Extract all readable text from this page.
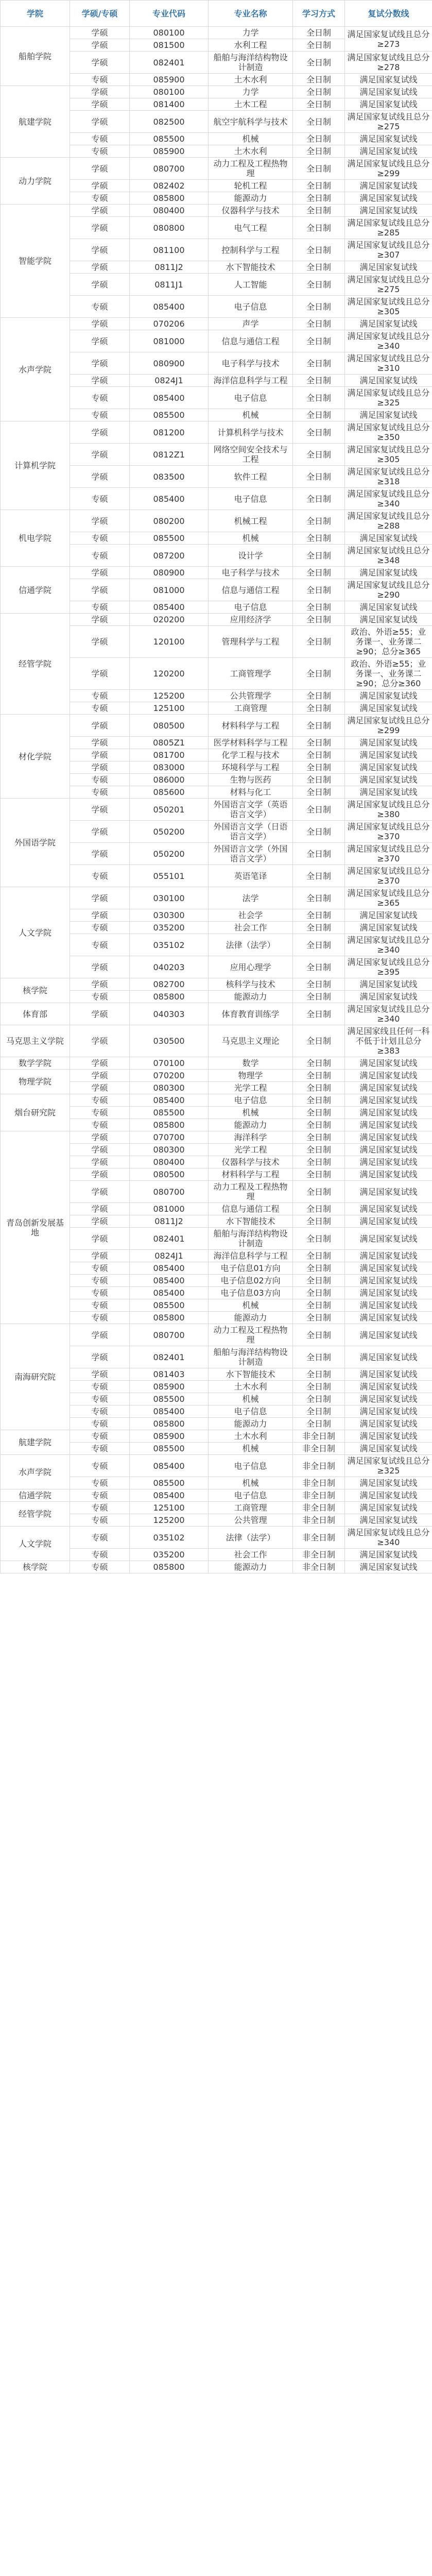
学院	学硕/专硕	专业代码	专业名称	学习方式	复试分数线
船舶学院	学硕	080100	力学	全日制	满足国家复试线且总分≥273
	学硕	081500	水利工程	全日制	
	学硕	082401	船舶与海洋结构物设计制造	全日制	满足国家复试线且总分≥278
	专硕	085900	土木水利	全日制	满足国家复试线
航建学院	学硕	080100	力学	全日制	满足国家复试线
	学硕	081400	土木工程	全日制	满足国家复试线
	学硕	082500	航空宇航科学与技术	全日制	满足国家复试线且总分≥275
	专硕	085500	机械	全日制	满足国家复试线
	专硕	085900	土木水利	全日制	满足国家复试线
动力学院	学硕	080700	动力工程及工程热物理	全日制	满足国家复试线且总分≥299
	学硕	082402	轮机工程	全日制	满足国家复试线
	专硕	085800	能源动力	全日制	满足国家复试线
智能学院	学硕	080400	仪器科学与技术	全日制	满足国家复试线
	学硕	080800	电气工程	全日制	满足国家复试线且总分≥285
	学硕	081100	控制科学与工程	全日制	满足国家复试线且总分≥307
	学硕	0811J2	水下智能技术	全日制	满足国家复试线
	学硕	0811J1	人工智能	全日制	满足国家复试线且总分≥275
	专硕	085400	电子信息	全日制	满足国家复试线且总分≥305
水声学院	学硕	070206	声学	全日制	满足国家复试线
	学硕	081000	信息与通信工程	全日制	满足国家复试线且总分≥340
	学硕	080900	电子科学与技术	全日制	满足国家复试线且总分≥310
	学硕	0824J1	海洋信息科学与工程	全日制	满足国家复试线
	专硕	085400	电子信息	全日制	满足国家复试线且总分≥325
	专硕	085500	机械	全日制	满足国家复试线
计算机学院	学硕	081200	计算机科学与技术	全日制	满足国家复试线且总分≥350
	学硕	0812Z1	网络空间安全技术与工程	全日制	满足国家复试线且总分≥305
	学硕	083500	软件工程	全日制	满足国家复试线且总分≥318
	专硕	085400	电子信息	全日制	满足国家复试线且总分≥340
机电学院	学硕	080200	机械工程	全日制	满足国家复试线且总分≥288
	专硕	085500	机械	全日制	满足国家复试线
	专硕	087200	设计学	全日制	满足国家复试线且总分≥348
信通学院	学硕	080900	电子科学与技术	全日制	满足国家复试线
	学硕	081000	信息与通信工程	全日制	满足国家复试线且总分≥290
	专硕	085400	电子信息	全日制	满足国家复试线
经管学院	学硕	020200	应用经济学	全日制	满足国家复试线
	学硕	120100	管理科学与工程	全日制	政治、外语≥55；业务课一、业务课二≥90；总分≥365
	学硕	120200	工商管理学	全日制	政治、外语≥55；业务课一、业务课二≥90；总分≥360
	专硕	125200	公共管理学	全日制	满足国家复试线
	专硕	125100	工商管理	全日制	满足国家复试线
材化学院	学硕	080500	材料科学与工程	全日制	满足国家复试线且总分≥299
	学硕	0805Z1	医学材料科学与工程	全日制	满足国家复试线
	学硕	081700	化学工程与技术	全日制	满足国家复试线
	学硕	083000	环境科学与工程	全日制	满足国家复试线
	专硕	086000	生物与医药	全日制	满足国家复试线
	专硕	085600	材料与化工	全日制	满足国家复试线
外国语学院	学硕	050201	外国语言文学（英语语言文学）	全日制	满足国家复试线且总分≥380
	学硕	050200	外国语言文学（日语语言文学）	全日制	满足国家复试线且总分≥370
	学硕	050200	外国语言文学（外国语言文学）	全日制	满足国家复试线且总分≥370
	专硕	055101	英语笔译	全日制	满足国家复试线且总分≥370
人文学院	学硕	030100	法学	全日制	满足国家复试线且总分≥365
	学硕	030300	社会学	全日制	满足国家复试线
	专硕	035200	社会工作	全日制	满足国家复试线
	专硕	035102	法律（法学）	全日制	满足国家复试线且总分≥340
	学硕	040203	应用心理学	全日制	满足国家复试线且总分≥395
核学院	学硕	082700	核科学与技术	全日制	满足国家复试线
	专硕	085800	能源动力	全日制	满足国家复试线
体育部	学硕	040303	体育教育训练学	全日制	满足国家复试线且总分≥340
马克思主义学院	学硕	030500	马克思主义理论	全日制	满足国家线且任何一科不低于计划且总分≥383
数学学院	学硕	070100	数学	全日制	满足国家复试线
物理学院	学硕	070200	物理学	全日制	满足国家复试线
	学硕	080300	光学工程	全日制	满足国家复试线
烟台研究院	专硕	085400	电子信息	全日制	满足国家复试线
	专硕	085500	机械	全日制	满足国家复试线
	专硕	085800	能源动力	全日制	满足国家复试线
青岛创新发展基地	学硕	070700	海洋科学	全日制	满足国家复试线
	学硕	080300	光学工程	全日制	满足国家复试线
	学硕	080400	仪器科学与技术	全日制	满足国家复试线
	学硕	080500	材料科学与工程	全日制	满足国家复试线
	学硕	080700	动力工程及工程热物理	全日制	满足国家复试线
	学硕	081000	信息与通信工程	全日制	满足国家复试线
	学硕	0811J2	水下智能技术	全日制	满足国家复试线
	学硕	082401	船舶与海洋结构物设计制造	全日制	满足国家复试线
	学硕	0824J1	海洋信息科学与工程	全日制	满足国家复试线
	专硕	085400	电子信息01方向	全日制	满足国家复试线
	专硕	085400	电子信息02方向	全日制	满足国家复试线
	专硕	085400	电子信息03方向	全日制	满足国家复试线
	专硕	085500	机械	全日制	满足国家复试线
	专硕	085800	能源动力	全日制	满足国家复试线
南海研究院	学硕	080700	动力工程及工程热物理	全日制	满足国家复试线
	学硕	082401	船舶与海洋结构物设计制造	全日制	满足国家复试线
	学硕	081403	水下智能技术	全日制	满足国家复试线
	专硕	085900	土木水利	全日制	满足国家复试线
	专硕	085500	机械	全日制	满足国家复试线
	专硕	085400	电子信息	全日制	满足国家复试线
	专硕	085800	能源动力	全日制	满足国家复试线
航建学院	专硕	085900	土木水利	非全日制	满足国家复试线
	专硕	085500	机械	非全日制	满足国家复试线
水声学院	专硕	085400	电子信息	非全日制	满足国家复试线且总分≥325
	专硕	085500	机械	非全日制	满足国家复试线
信通学院	专硕	085400	电子信息	非全日制	满足国家复试线
经管学院	专硕	125100	工商管理	非全日制	满足国家复试线
	专硕	125200	公共管理	非全日制	满足国家复试线
人文学院	专硕	035102	法律（法学）	非全日制	满足国家复试线且总分≥340
	专硕	035200	社会工作	非全日制	满足国家复试线
核学院	专硕	085800	能源动力	非全日制	满足国家复试线
